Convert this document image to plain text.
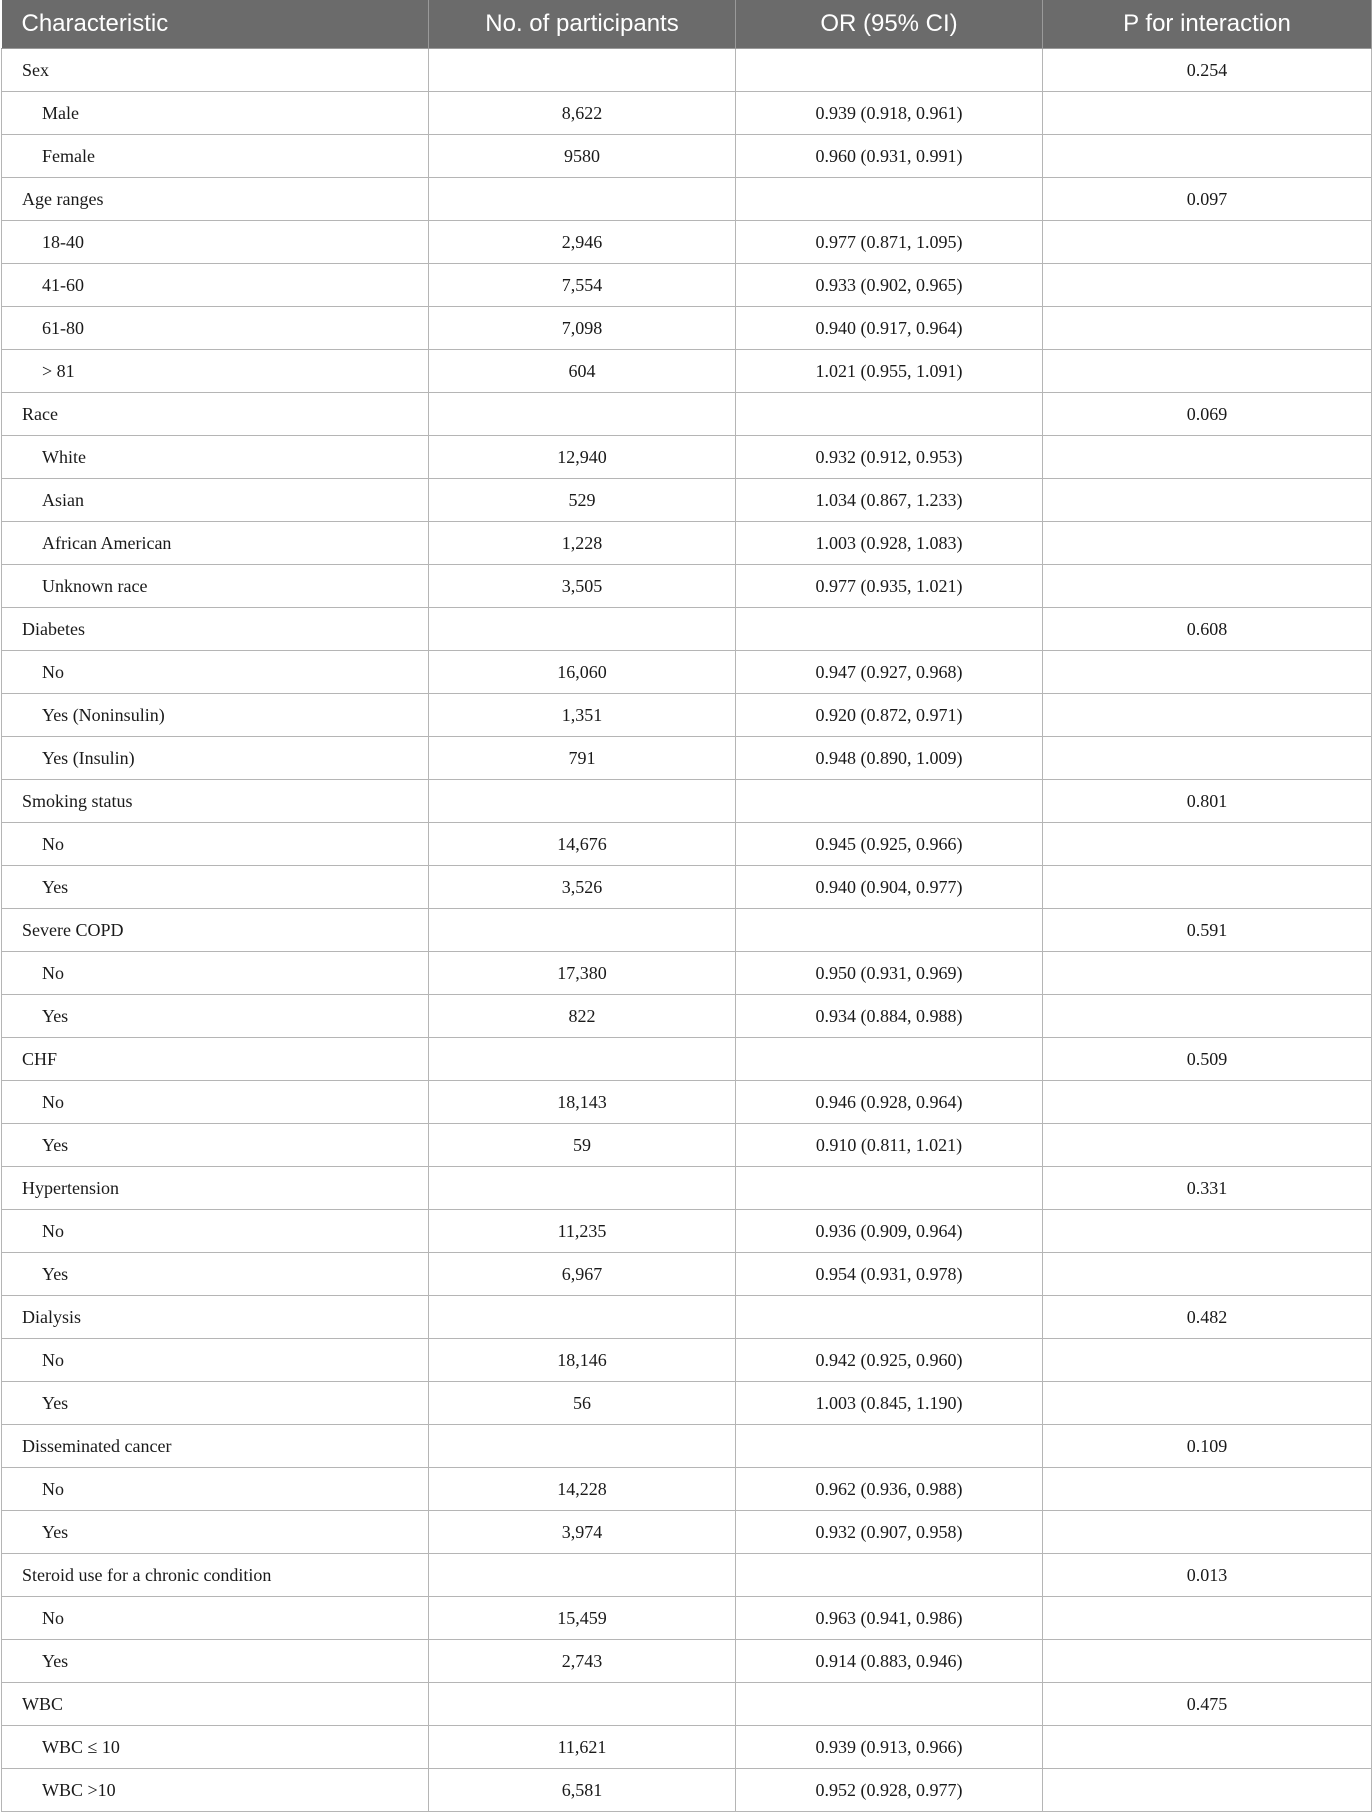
Characteristic	No. of participants	OR (95% CI)	P for interaction
Sex			0.254
Male	8,622	0.939 (0.918, 0.961)	
Female	9580	0.960 (0.931, 0.991)	
Age ranges			0.097
18-40	2,946	0.977 (0.871, 1.095)	
41-60	7,554	0.933 (0.902, 0.965)	
61-80	7,098	0.940 (0.917, 0.964)	
> 81	604	1.021 (0.955, 1.091)	
Race			0.069
White	12,940	0.932 (0.912, 0.953)	
Asian	529	1.034 (0.867, 1.233)	
African American	1,228	1.003 (0.928, 1.083)	
Unknown race	3,505	0.977 (0.935, 1.021)	
Diabetes			0.608
No	16,060	0.947 (0.927, 0.968)	
Yes (Noninsulin)	1,351	0.920 (0.872, 0.971)	
Yes (Insulin)	791	0.948 (0.890, 1.009)	
Smoking status			0.801
No	14,676	0.945 (0.925, 0.966)	
Yes	3,526	0.940 (0.904, 0.977)	
Severe COPD			0.591
No	17,380	0.950 (0.931, 0.969)	
Yes	822	0.934 (0.884, 0.988)	
CHF			0.509
No	18,143	0.946 (0.928, 0.964)	
Yes	59	0.910 (0.811, 1.021)	
Hypertension			0.331
No	11,235	0.936 (0.909, 0.964)	
Yes	6,967	0.954 (0.931, 0.978)	
Dialysis			0.482
No	18,146	0.942 (0.925, 0.960)	
Yes	56	1.003 (0.845, 1.190)	
Disseminated cancer			0.109
No	14,228	0.962 (0.936, 0.988)	
Yes	3,974	0.932 (0.907, 0.958)	
Steroid use for a chronic condition			0.013
No	15,459	0.963 (0.941, 0.986)	
Yes	2,743	0.914 (0.883, 0.946)	
WBC			0.475
WBC ≤ 10	11,621	0.939 (0.913, 0.966)	
WBC >10	6,581	0.952 (0.928, 0.977)	
